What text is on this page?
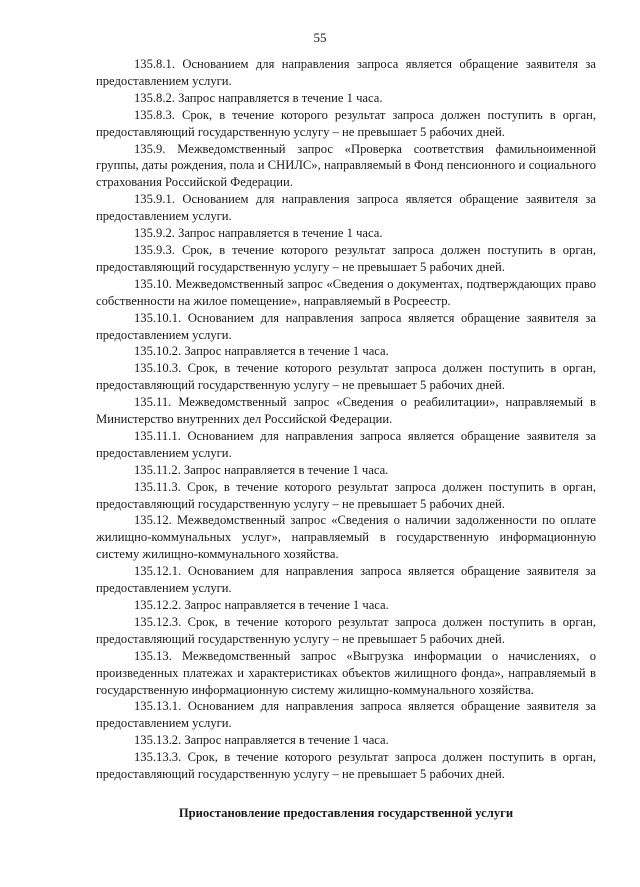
55

135.8.1. Основанием для направления запроса является обращение заявителя за предоставлением услуги.

135.8.2. Запрос направляется в течение 1 часа.

135.8.3. Срок, в течение которого результат запроса должен поступить в орган, предоставляющий государственную услугу – не превышает 5 рабочих дней.

135.9. Межведомственный запрос «Проверка соответствия фамильноименной группы, даты рождения, пола и СНИЛС», направляемый в Фонд пенсионного и социального страхования Российской Федерации.

135.9.1. Основанием для направления запроса является обращение заявителя за предоставлением услуги.

135.9.2. Запрос направляется в течение 1 часа.

135.9.3. Срок, в течение которого результат запроса должен поступить в орган, предоставляющий государственную услугу – не превышает 5 рабочих дней.

135.10. Межведомственный запрос «Сведения о документах, подтверждающих право собственности на жилое помещение», направляемый в Росреестр.

135.10.1. Основанием для направления запроса является обращение заявителя за предоставлением услуги.

135.10.2. Запрос направляется в течение 1 часа.

135.10.3. Срок, в течение которого результат запроса должен поступить в орган, предоставляющий государственную услугу – не превышает 5 рабочих дней.

135.11. Межведомственный запрос «Сведения о реабилитации», направляемый в Министерство внутренних дел Российской Федерации.

135.11.1. Основанием для направления запроса является обращение заявителя за предоставлением услуги.

135.11.2. Запрос направляется в течение 1 часа.

135.11.3. Срок, в течение которого результат запроса должен поступить в орган, предоставляющий государственную услугу – не превышает 5 рабочих дней.

135.12. Межведомственный запрос «Сведения о наличии задолженности по оплате жилищно-коммунальных услуг», направляемый в государственную информационную систему жилищно-коммунального хозяйства.

135.12.1. Основанием для направления запроса является обращение заявителя за предоставлением услуги.

135.12.2. Запрос направляется в течение 1 часа.

135.12.3. Срок, в течение которого результат запроса должен поступить в орган, предоставляющий государственную услугу – не превышает 5 рабочих дней.

135.13. Межведомственный запрос «Выгрузка информации о начислениях, о произведенных платежах и характеристиках объектов жилищного фонда», направляемый в государственную информационную систему жилищно-коммунального хозяйства.

135.13.1. Основанием для направления запроса является обращение заявителя за предоставлением услуги.

135.13.2. Запрос направляется в течение 1 часа.

135.13.3. Срок, в течение которого результат запроса должен поступить в орган, предоставляющий государственную услугу – не превышает 5 рабочих дней.

Приостановление предоставления государственной услуги
